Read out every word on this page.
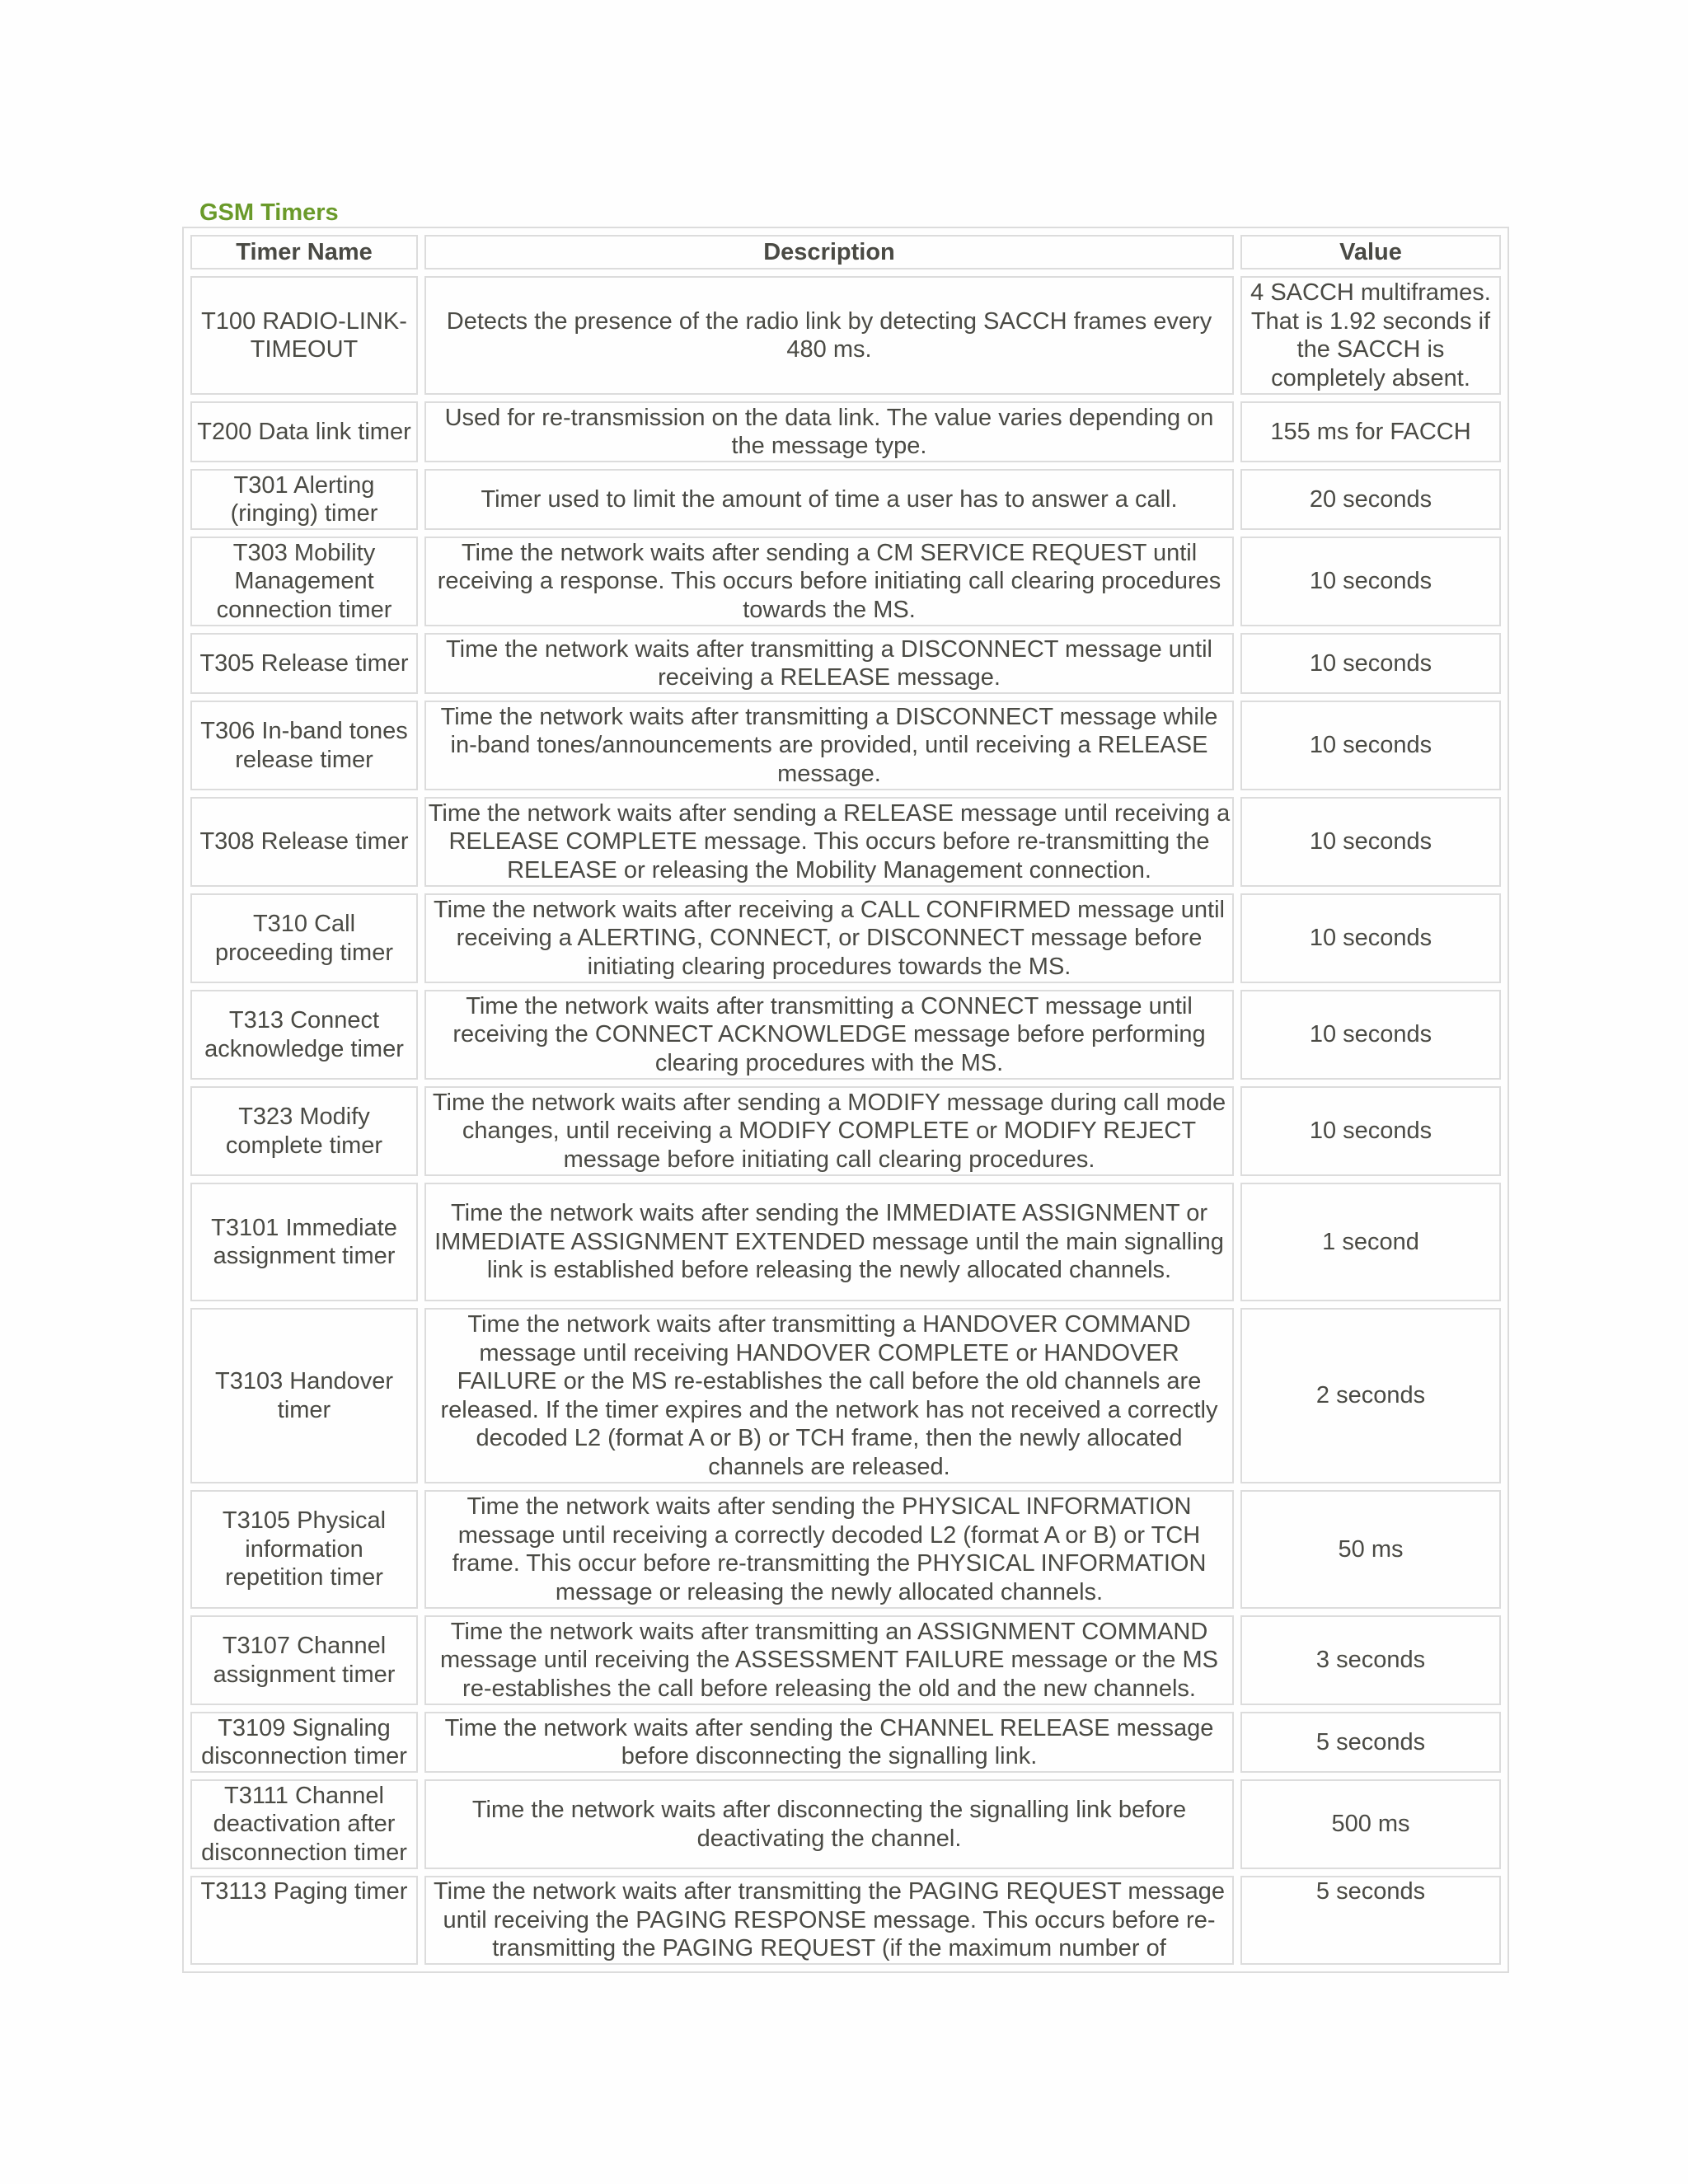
GSM Timers
Timer Name	Description	Value
T100 RADIO-LINK-TIMEOUT	Detects the presence of the radio link by detecting SACCH frames every 480 ms.	4 SACCH multiframes. That is 1.92 seconds if the SACCH is completely absent.
T200 Data link timer	Used for re-transmission on the data link. The value varies depending on the message type.	155 ms for FACCH
T301 Alerting (ringing) timer	Timer used to limit the amount of time a user has to answer a call.	20 seconds
T303 Mobility Management connection timer	Time the network waits after sending a CM SERVICE REQUEST until receiving a response. This occurs before initiating call clearing procedures towards the MS.	10 seconds
T305 Release timer	Time the network waits after transmitting a DISCONNECT message until receiving a RELEASE message.	10 seconds
T306 In-band tones release timer	Time the network waits after transmitting a DISCONNECT message while in-band tones/announcements are provided, until receiving a RELEASE message.	10 seconds
T308 Release timer	Time the network waits after sending a RELEASE message until receiving a RELEASE COMPLETE message. This occurs before re-transmitting the RELEASE or releasing the Mobility Management connection.	10 seconds
T310 Call proceeding timer	Time the network waits after receiving a CALL CONFIRMED message until receiving a ALERTING, CONNECT, or DISCONNECT message before initiating clearing procedures towards the MS.	10 seconds
T313 Connect acknowledge timer	Time the network waits after transmitting a CONNECT message until receiving the CONNECT ACKNOWLEDGE message before performing clearing procedures with the MS.	10 seconds
T323 Modify complete timer	Time the network waits after sending a MODIFY message during call mode changes, until receiving a MODIFY COMPLETE or MODIFY REJECT message before initiating call clearing procedures.	10 seconds
T3101 Immediate assignment timer	Time the network waits after sending the IMMEDIATE ASSIGNMENT or IMMEDIATE ASSIGNMENT EXTENDED message until the main signalling link is established before releasing the newly allocated channels.	1 second
T3103 Handover timer	Time the network waits after transmitting a HANDOVER COMMAND message until receiving HANDOVER COMPLETE or HANDOVER FAILURE or the MS re-establishes the call before the old channels are released. If the timer expires and the network has not received a correctly decoded L2 (format A or B) or TCH frame, then the newly allocated channels are released.	2 seconds
T3105 Physical information repetition timer	Time the network waits after sending the PHYSICAL INFORMATION message until receiving a correctly decoded L2 (format A or B) or TCH frame. This occur before re-transmitting the PHYSICAL INFORMATION message or releasing the newly allocated channels.	50 ms
T3107 Channel assignment timer	Time the network waits after transmitting an ASSIGNMENT COMMAND message until receiving the ASSESSMENT FAILURE message or the MS re-establishes the call before releasing the old and the new channels.	3 seconds
T3109 Signaling disconnection timer	Time the network waits after sending the CHANNEL RELEASE message before disconnecting the signalling link.	5 seconds
T3111 Channel deactivation after disconnection timer	Time the network waits after disconnecting the signalling link before deactivating the channel.	500 ms

T3113 Paging timer	Time the network waits after transmitting the PAGING REQUEST message until receiving the PAGING RESPONSE message. This occurs before re-transmitting the PAGING REQUEST (if the maximum number of	5 seconds
